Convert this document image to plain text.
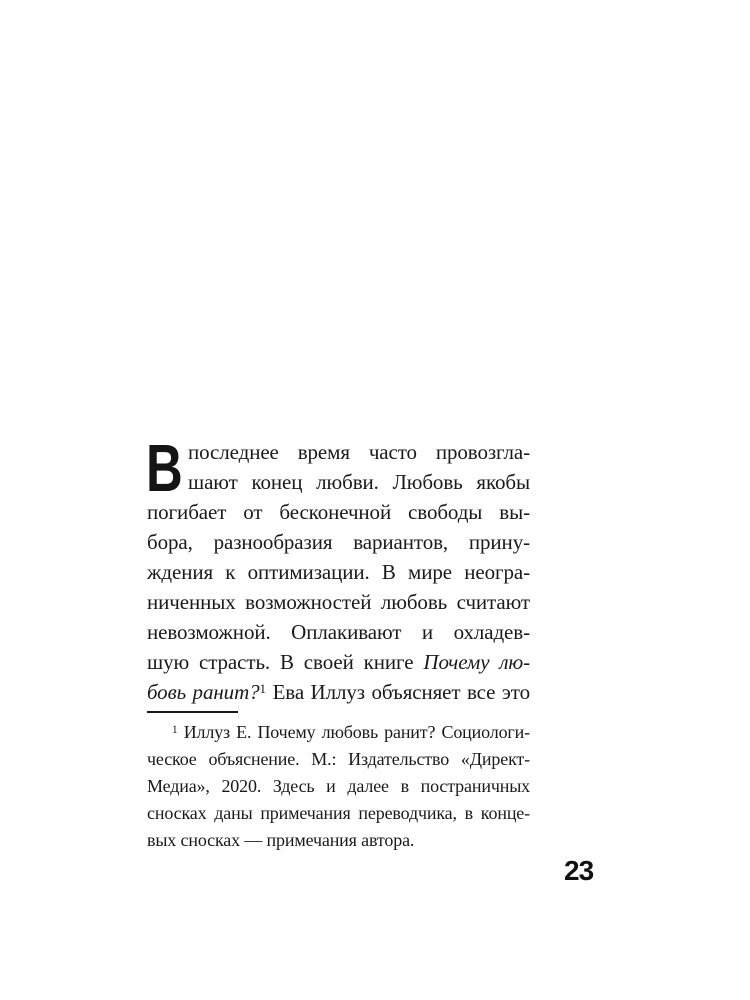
В последнее время часто провозгла-
шают конец любви. Любовь якобы
погибает от бесконечной свободы вы-
бора, разнообразия вариантов, прину-
ждения к оптимизации. В мире неогра-
ниченных возможностей любовь считают
невозможной. Оплакивают и охладев-
шую страсть. В своей книге Почему лю-
бовь ранит?$^1$ Ева Иллуз объясняет все это
$^1$ Иллуз Е. Почему любовь ранит? Социологи-
ческое объяснение. М.: Издательство «Директ-
Медиа», 2020. Здесь и далее в постраничных
сносках даны примечания переводчика, в конце-
вых сносках — примечания автора.
23
